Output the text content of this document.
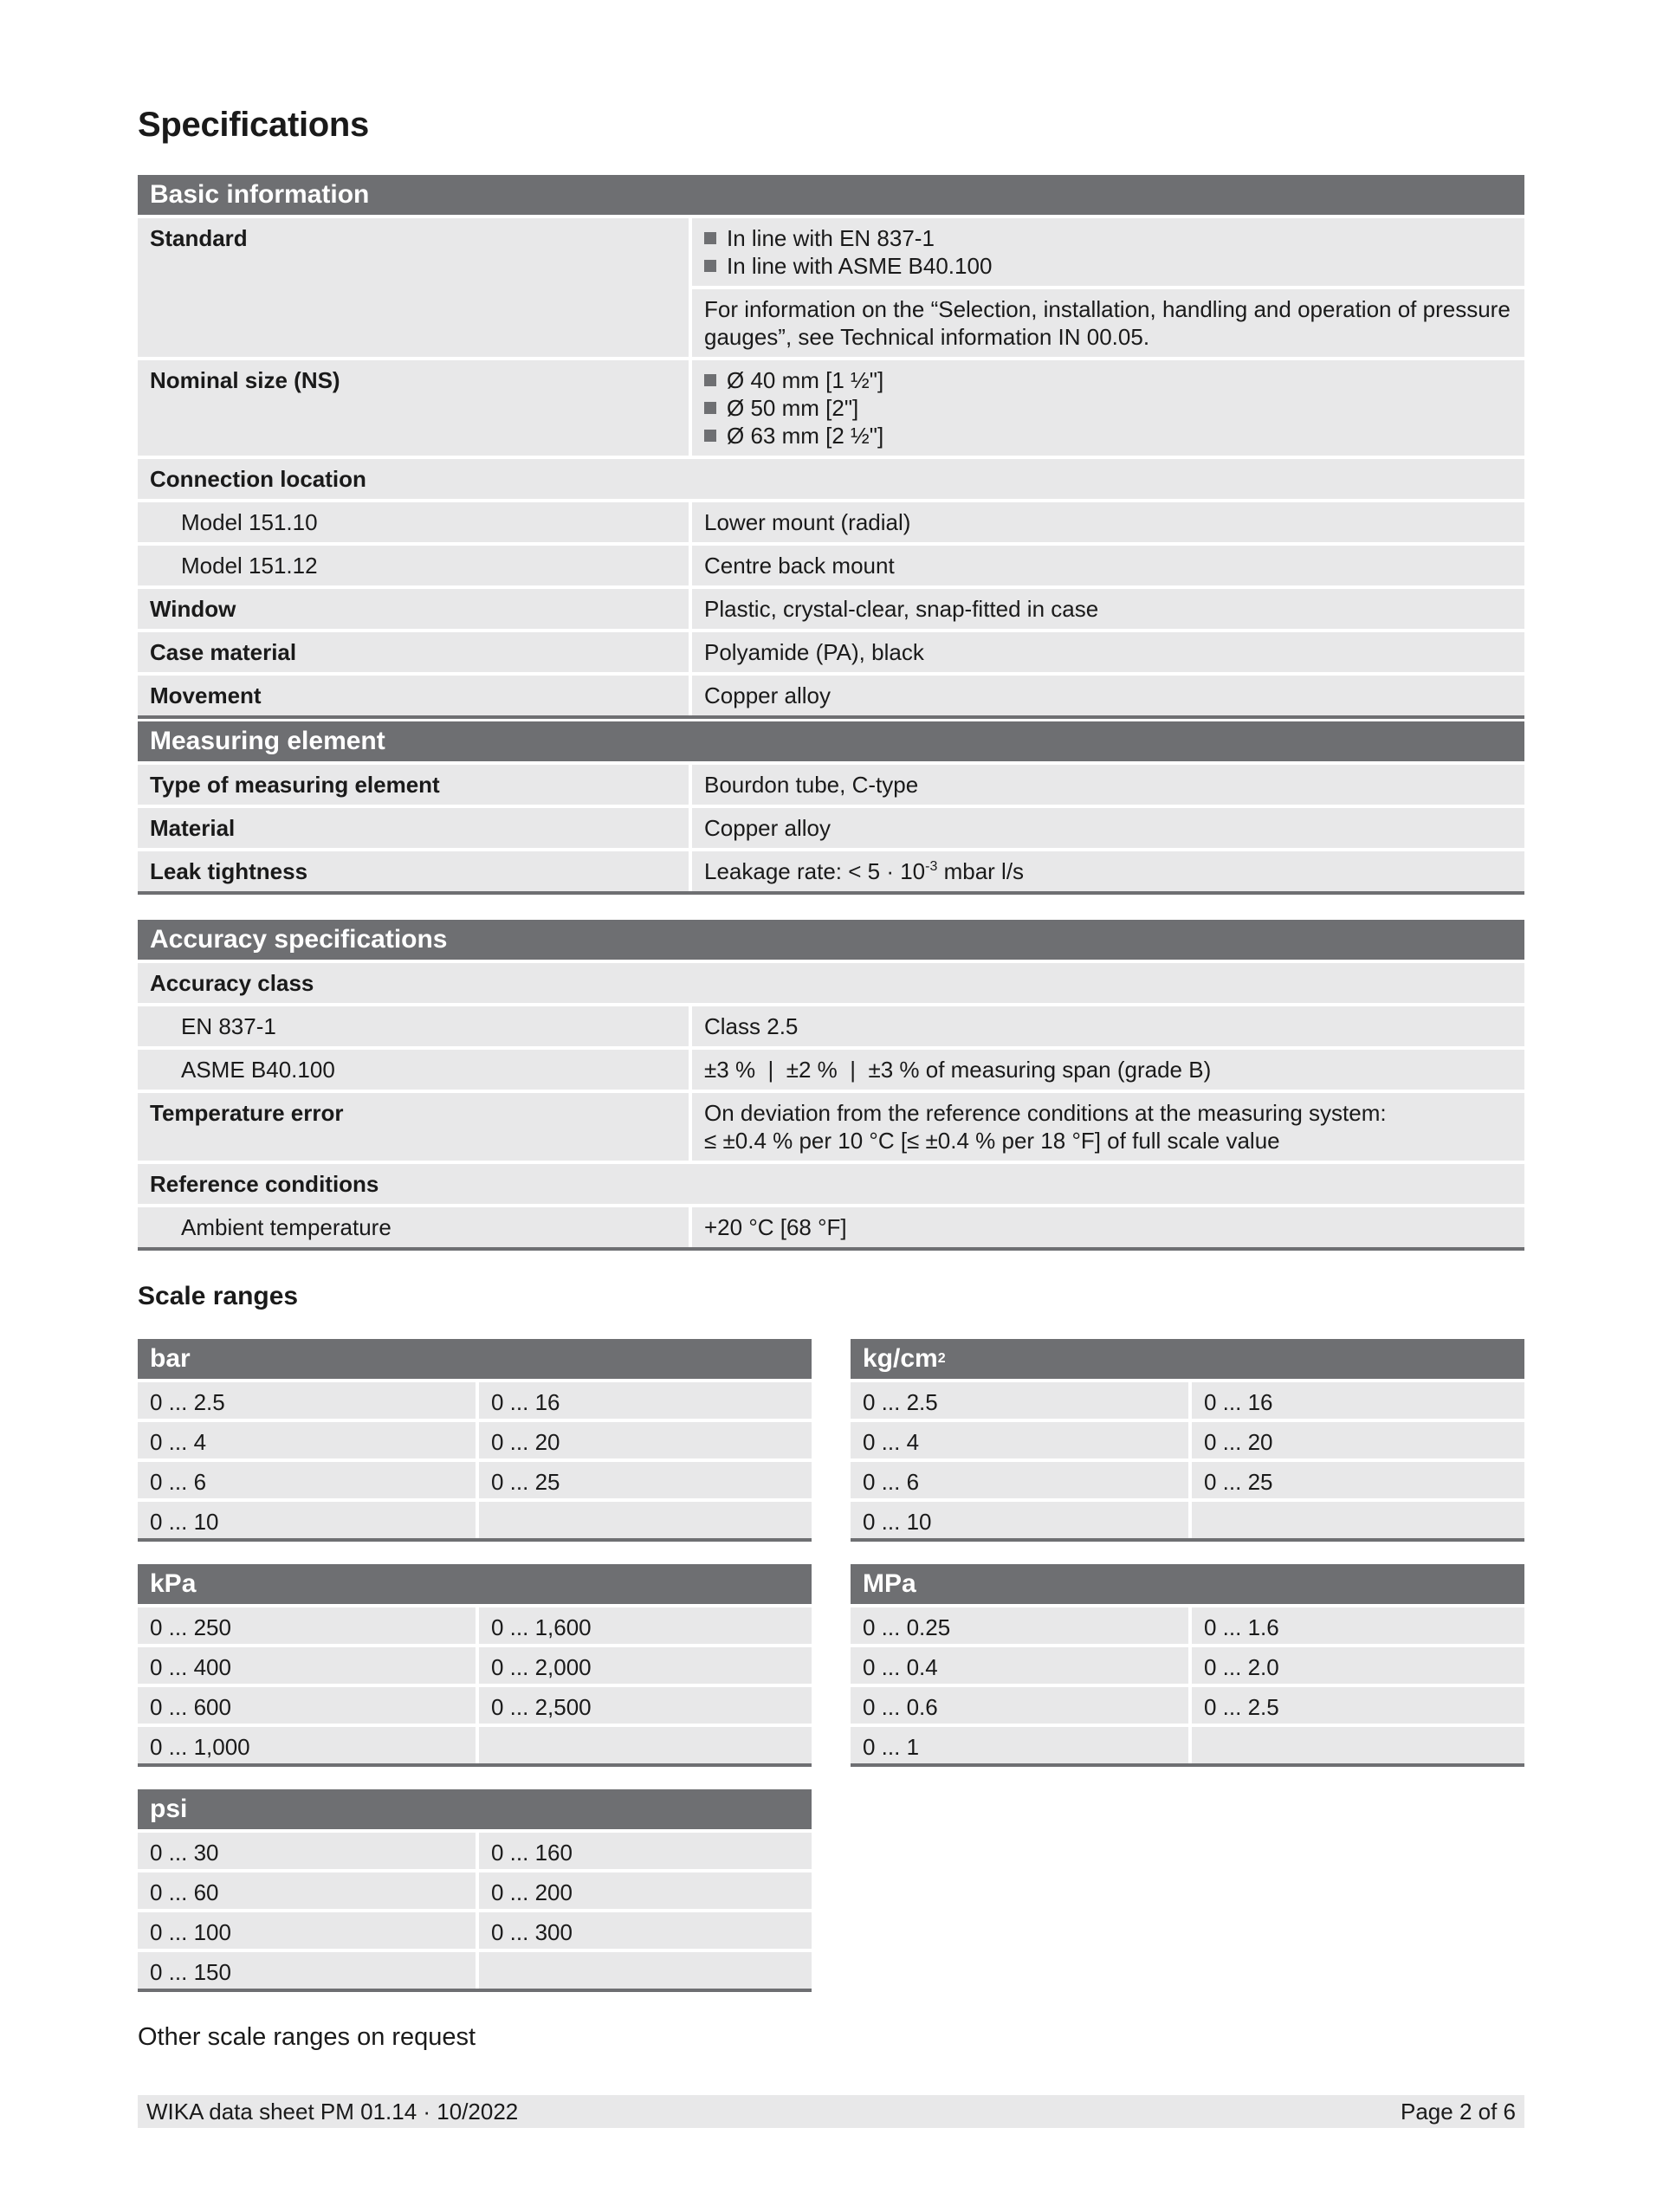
Specifications
Basic information
Standard	In line with EN 837-1
In line with ASME B40.100
For information on the “Selection, installation, handling and operation of pressure gauges”, see Technical information IN 00.05.
Nominal size (NS)	Ø 40 mm [1 ½"]
Ø 50 mm [2"]
Ø 63 mm [2 ½"]
Connection location
Model 151.10	Lower mount (radial)
Model 151.12	Centre back mount
Window	Plastic, crystal-clear, snap-fitted in case
Case material	Polyamide (PA), black
Movement	Copper alloy
Measuring element
Type of measuring element	Bourdon tube, C-type
Material	Copper alloy
Leak tightness	Leakage rate: < $5 \cdot 10^{-3}$ mbar l/s
Accuracy specifications
Accuracy class
EN 837-1	Class 2.5
ASME B40.100	±3 %  |  ±2 %  |  ±3 % of measuring span (grade B)
Temperature error	On deviation from the reference conditions at the measuring system:
≤ ±0.4 % per 10 °C [≤ ±0.4 % per 18 °F] of full scale value
Reference conditions
Ambient temperature	+20 °C [68 °F]
Scale ranges
bar
0 ... 2.5	0 ... 16
0 ... 4	0 ... 20
0 ... 6	0 ... 25
0 ... 10
kg/cm 2
0 ... 2.5	0 ... 16
0 ... 4	0 ... 20
0 ... 6	0 ... 25
0 ... 10
kPa
0 ... 250	0 ... 1,600
0 ... 400	0 ... 2,000
0 ... 600	0 ... 2,500
0 ... 1,000
MPa
0 ... 0.25	0 ... 1.6
0 ... 0.4	0 ... 2.0
0 ... 0.6	0 ... 2.5
0 ... 1
psi
0 ... 30	0 ... 160
0 ... 60	0 ... 200
0 ... 100	0 ... 300
0 ... 150
Other scale ranges on request
WIKA data sheet PM 01.14 · 10/2022	Page 2 of 6
